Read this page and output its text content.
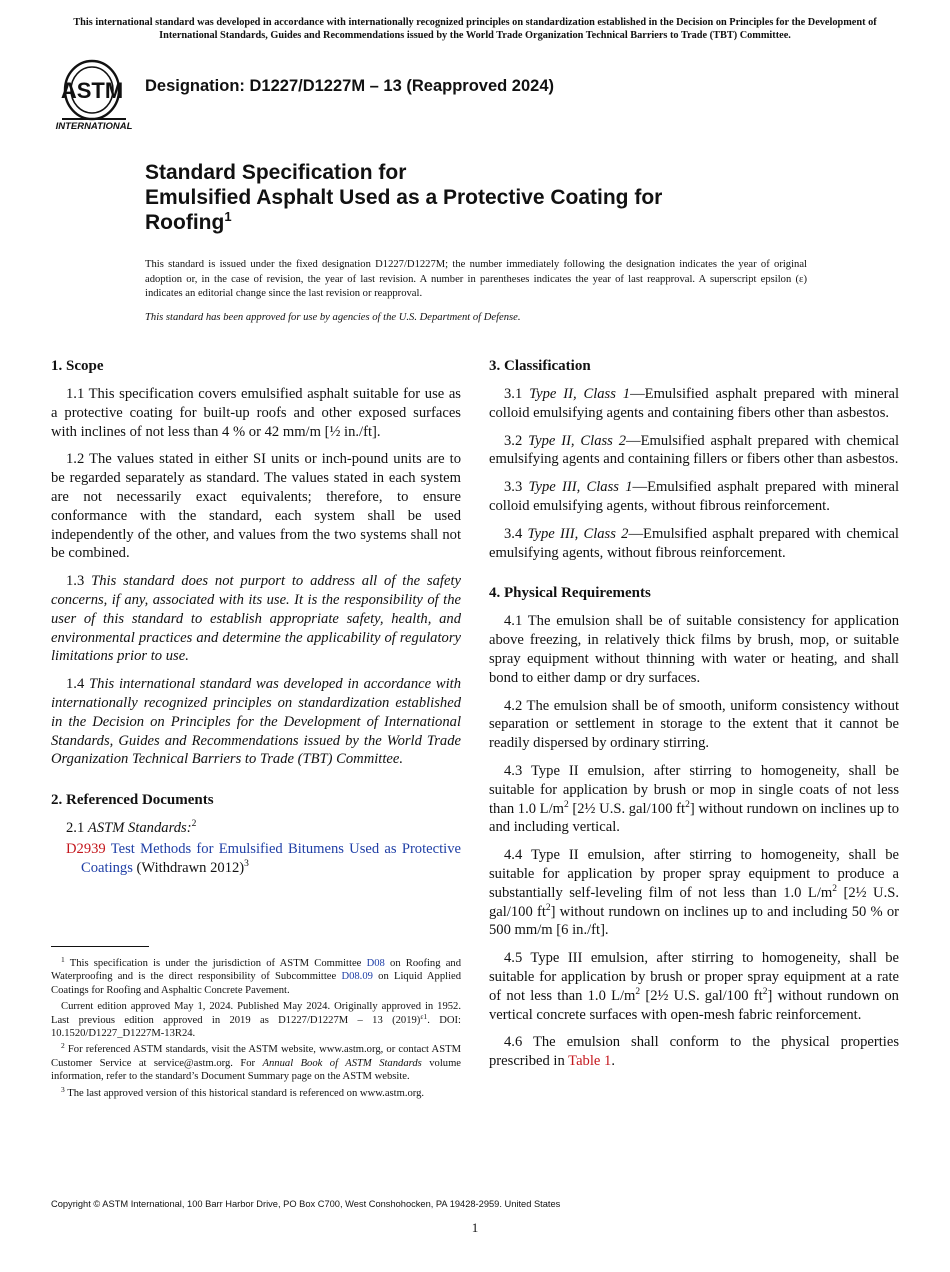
This international standard was developed in accordance with internationally recognized principles on standardization established in the Decision on Principles for the Development of International Standards, Guides and Recommendations issued by the World Trade Organization Technical Barriers to Trade (TBT) Committee.
ASTM
INTERNATIONAL
Designation: D1227/D1227M – 13 (Reapproved 2024)
Standard Specification for
Emulsified Asphalt Used as a Protective Coating for
Roofing$^1$
This standard is issued under the fixed designation D1227/D1227M; the number immediately following the designation indicates the year of original adoption or, in the case of revision, the year of last revision. A number in parentheses indicates the year of last reapproval. A superscript epsilon (ε) indicates an editorial change since the last revision or reapproval.
This standard has been approved for use by agencies of the U.S. Department of Defense.
1. Scope

1.1 This specification covers emulsified asphalt suitable for use as a protective coating for built-up roofs and other exposed surfaces with inclines of not less than 4 % or 42 mm/m [½ in./ft].

1.2 The values stated in either SI units or inch-pound units are to be regarded separately as standard. The values stated in each system are not necessarily exact equivalents; therefore, to ensure conformance with the standard, each system shall be used independently of the other, and values from the two systems shall not be combined.

1.3 This standard does not purport to address all of the safety concerns, if any, associated with its use. It is the responsibility of the user of this standard to establish appropriate safety, health, and environmental practices and determine the applicability of regulatory limitations prior to use.

1.4 This international standard was developed in accordance with internationally recognized principles on standardization established in the Decision on Principles for the Development of International Standards, Guides and Recommendations issued by the World Trade Organization Technical Barriers to Trade (TBT) Committee.

2. Referenced Documents

2.1 ASTM Standards:$^2$

D2939 Test Methods for Emulsified Bitumens Used as Protective Coatings (Withdrawn 2012)$^3$

$^1$ This specification is under the jurisdiction of ASTM Committee D08 on Roofing and Waterproofing and is the direct responsibility of Subcommittee D08.09 on Liquid Applied Coatings for Roofing and Asphaltic Concrete Pavement.

Current edition approved May 1, 2024. Published May 2024. Originally approved in 1952. Last previous edition approved in 2019 as D1227/D1227M – 13 $(2019)^{\varepsilon 1}$. DOI: 10.1520/D1227_D1227M-13R24.

$^2$ For referenced ASTM standards, visit the ASTM website, www.astm.org, or contact ASTM Customer Service at service@astm.org. For Annual Book of ASTM Standards volume information, refer to the standard’s Document Summary page on the ASTM website.

$^3$ The last approved version of this historical standard is referenced on www.astm.org.

3. Classification

3.1 Type II, Class 1—Emulsified asphalt prepared with mineral colloid emulsifying agents and containing fibers other than asbestos.

3.2 Type II, Class 2—Emulsified asphalt prepared with chemical emulsifying agents and containing fillers or fibers other than asbestos.

3.3 Type III, Class 1—Emulsified asphalt prepared with mineral colloid emulsifying agents, without fibrous reinforcement.

3.4 Type III, Class 2—Emulsified asphalt prepared with chemical emulsifying agents, without fibrous reinforcement.

4. Physical Requirements

4.1 The emulsion shall be of suitable consistency for application above freezing, in relatively thick films by brush, mop, or suitable spray equipment without thinning with water or heating, and shall bond to either damp or dry surfaces.

4.2 The emulsion shall be of smooth, uniform consistency without separation or settlement in storage to the extent that it cannot be readily dispersed by ordinary stirring.

4.3 Type II emulsion, after stirring to homogeneity, shall be suitable for application by brush or mop in single coats of not less than 1.0 $L/m^2$ [2½ U.S. gal/100 $ft^2$] without rundown on inclines up to and including vertical.

4.4 Type II emulsion, after stirring to homogeneity, shall be suitable for application by proper spray equipment to produce a substantially self-leveling film of not less than 1.0 $L/m^2$ [2½ U.S. gal/100 $ft^2$] without rundown on inclines up to and including 50 % or 500 mm/m [6 in./ft].

4.5 Type III emulsion, after stirring to homogeneity, shall be suitable for application by brush or proper spray equipment at a rate of not less than 1.0 $L/m^2$ [2½ U.S. gal/100 $ft^2$] without rundown on vertical concrete surfaces with open-mesh fabric reinforcement.

4.6 The emulsion shall conform to the physical properties prescribed in Table 1.

Copyright © ASTM International, 100 Barr Harbor Drive, PO Box C700, West Conshohocken, PA 19428-2959. United States
1
